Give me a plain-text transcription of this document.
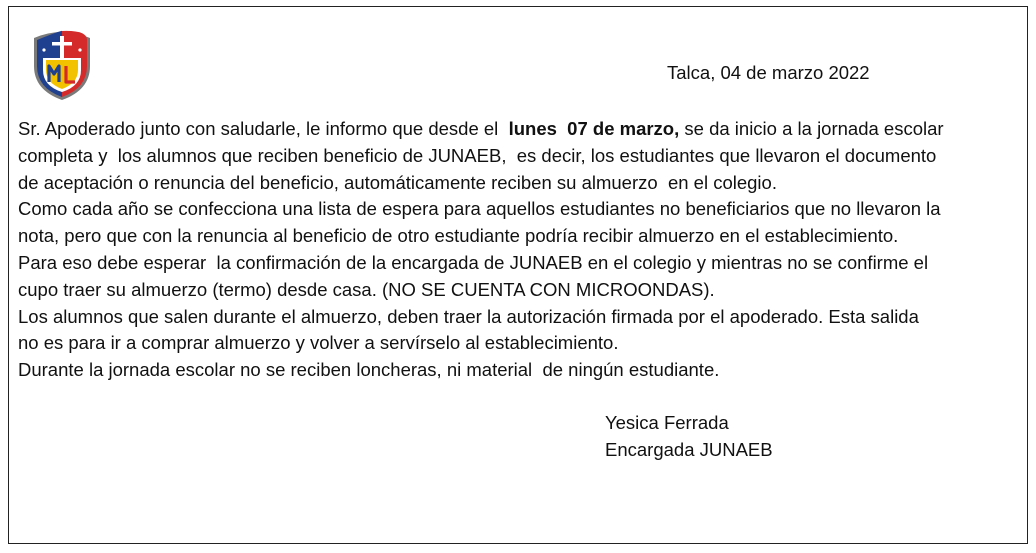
Talca, 04 de marzo 2022
Sr. Apoderado junto con saludarle, le informo que desde el  lunes  07 de marzo, se da inicio a la jornada escolar
completa y  los alumnos que reciben beneficio de JUNAEB,  es decir, los estudiantes que llevaron el documento
de aceptación o renuncia del beneficio, automáticamente reciben su almuerzo  en el colegio.
Como cada año se confecciona una lista de espera para aquellos estudiantes no beneficiarios que no llevaron la
nota, pero que con la renuncia al beneficio de otro estudiante podría recibir almuerzo en el establecimiento.
Para eso debe esperar  la confirmación de la encargada de JUNAEB en el colegio y mientras no se confirme el
cupo traer su almuerzo (termo) desde casa. (NO SE CUENTA CON MICROONDAS).
Los alumnos que salen durante el almuerzo, deben traer la autorización firmada por el apoderado. Esta salida
no es para ir a comprar almuerzo y volver a servírselo al establecimiento.
Durante la jornada escolar no se reciben loncheras, ni material  de ningún estudiante.
Yesica Ferrada
Encargada JUNAEB
